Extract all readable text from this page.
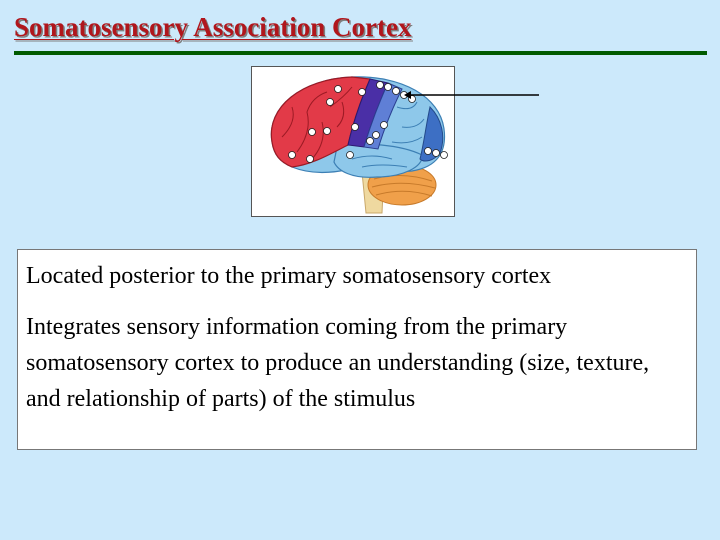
Somatosensory Association Cortex

Located posterior to the primary somatosensory cortex

Integrates sensory information coming from the primary somatosensory cortex to produce an understanding (size, texture, and relationship of parts) of the stimulus
